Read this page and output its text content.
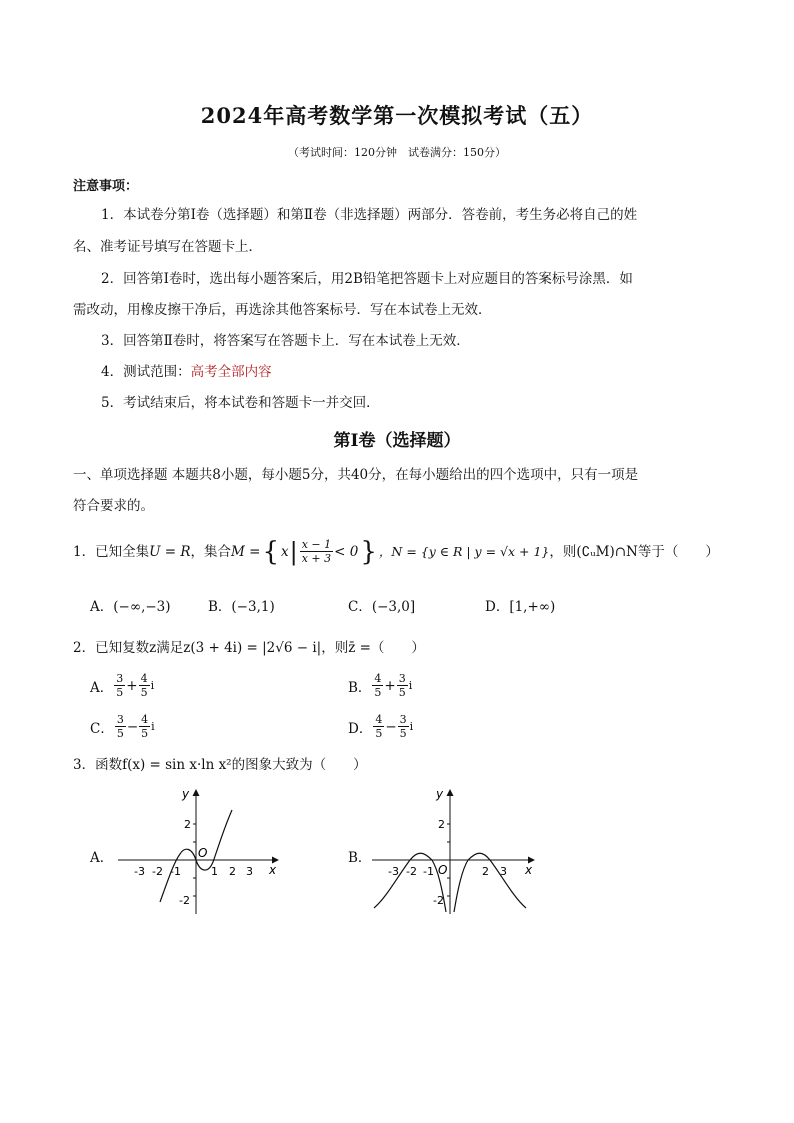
2024年高考数学第一次模拟考试（五）
（考试时间：120分钟　试卷满分：150分）
注意事项：
1．本试卷分第Ⅰ卷（选择题）和第Ⅱ卷（非选择题）两部分．答卷前，考生务必将自己的姓
名、准考证号填写在答题卡上．
2．回答第Ⅰ卷时，选出每小题答案后，用2B铅笔把答题卡上对应题目的答案标号涂黑．如
需改动，用橡皮擦干净后，再选涂其他答案标号．写在本试卷上无效．
3．回答第Ⅱ卷时，将答案写在答题卡上．写在本试卷上无效．
4．测试范围：高考全部内容
5．考试结束后，将本试卷和答题卡一并交回．
第Ⅰ卷（选择题）
一、单项选择题 本题共8小题，每小题5分，共40分，在每小题给出的四个选项中，只有一项是
符合要求的。
1．已知全集 U = R ，集合 M = { x | $\frac{x - 1}{x + 3} < 0$ } ，N = {y ∈ R | y = √x + 1} ，则(∁ᵤM)∩N等于（　　）
A．(−∞,−3)	B．(−3,1)	C．(−3,0]	D．[1,+∞)
2．已知复数z满足z(3 + 4i) = |2√6 − i|，则z̄ =（　　）
A． $\frac{3}{5} + \frac{4}{5}$ i	B． $\frac{4}{5} + \frac{3}{5}$ i
C． $\frac{3}{5} - \frac{4}{5}$ i	D． $\frac{4}{5} - \frac{3}{5}$ i
3．函数f(x) = sin x·ln x²的图象大致为（　　）
A．	B．
y
x
O
-3 -2 -1	1 2 3
2
-2
y
x
O
-3 -2 -1	2 3
2
-2
